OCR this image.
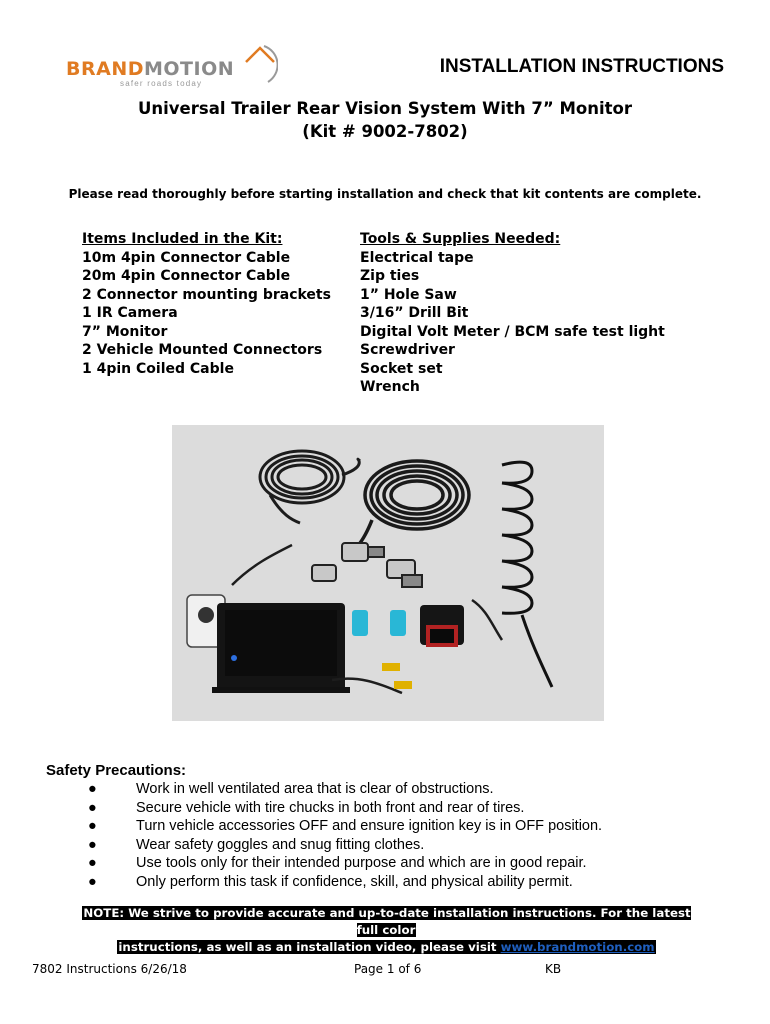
BRANDMOTION
safer roads today
INSTALLATION INSTRUCTIONS
Universal Trailer Rear Vision System With 7” Monitor
(Kit # 9002-7802)
Please read thoroughly before starting installation and check that kit contents are complete.
Items Included in the Kit:
10m 4pin Connector Cable
20m 4pin Connector Cable
2 Connector mounting brackets
1 IR Camera
7” Monitor
2 Vehicle Mounted Connectors
1 4pin Coiled Cable
Tools & Supplies Needed:
Electrical tape
Zip ties
1” Hole Saw
3/16” Drill Bit
Digital Volt Meter / BCM safe test light
Screwdriver
Socket set
Wrench
Safety Precautions:
●	Work in well ventilated area that is clear of obstructions.
●	Secure vehicle with tire chucks in both front and rear of tires.
●	Turn vehicle accessories OFF and ensure ignition key is in OFF position.
●	Wear safety goggles and snug fitting clothes.
●	Use tools only for their intended purpose and which are in good repair.
●	Only perform this task if confidence, skill, and physical ability permit.
NOTE: We strive to provide accurate and up-to-date installation instructions. For the latest full color
instructions, as well as an installation video, please visit www.brandmotion.com
7802 Instructions 6/26/18	Page 1 of 6	KB
